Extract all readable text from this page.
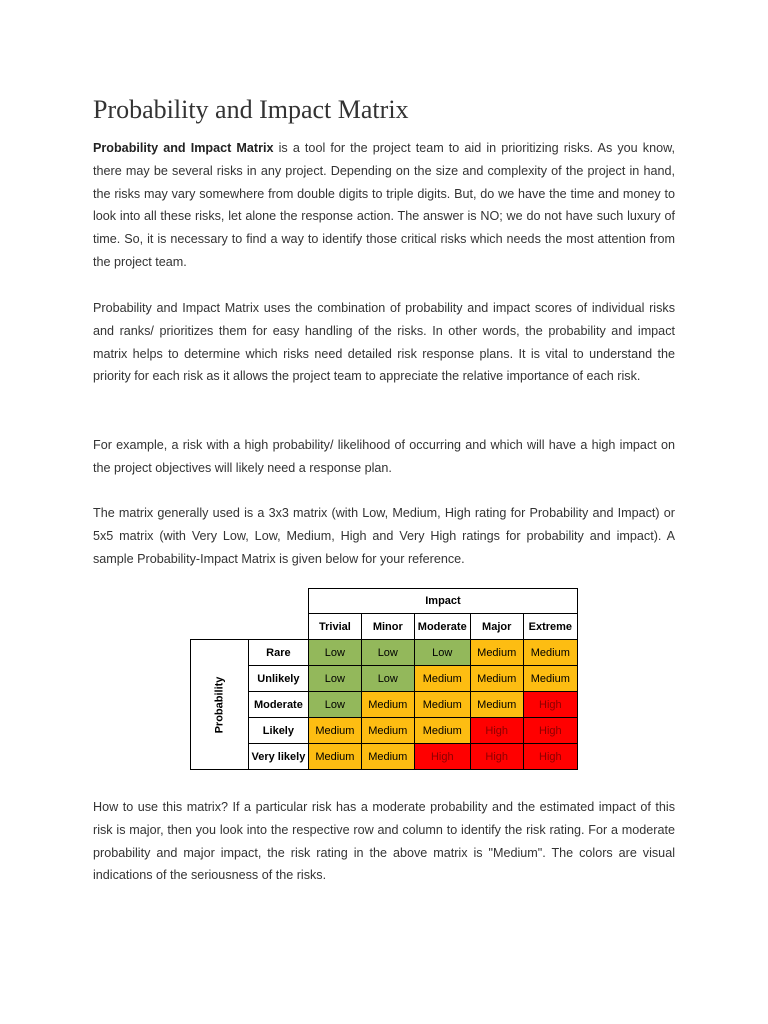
Probability and Impact Matrix

Probability and Impact Matrix is a tool for the project team to aid in prioritizing risks. As you know, there may be several risks in any project. Depending on the size and complexity of the project in hand, the risks may vary somewhere from double digits to triple digits. But, do we have the time and money to look into all these risks, let alone the response action. The answer is NO; we do not have such luxury of time. So, it is necessary to find a way to identify those critical risks which needs the most attention from the project team.

Probability and Impact Matrix uses the combination of probability and impact scores of individual risks and ranks/ prioritizes them for easy handling of the risks. In other words, the probability and impact matrix helps to determine which risks need detailed risk response plans. It is vital to understand the priority for each risk as it allows the project team to appreciate the relative importance of each risk.

For example, a risk with a high probability/ likelihood of occurring and which will have a high impact on the project objectives will likely need a response plan.

The matrix generally used is a 3x3 matrix (with Low, Medium, High rating for Probability and Impact) or 5x5 matrix (with Very Low, Low, Medium, High and Very High ratings for probability and impact). A sample Probability-Impact Matrix is given below for your reference.

How to use this matrix? If a particular risk has a moderate probability and the estimated impact of this risk is major, then you look into the respective row and column to identify the risk rating. For a moderate probability and major impact, the risk rating in the above matrix is "Medium". The colors are visual indications of the seriousness of the risks.

		Impact				
		Trivial	Minor	Moderate	Major	Extreme
Probability	Rare	Low	Low	Low	Medium	Medium
	Unlikely	Low	Low	Medium	Medium	Medium
	Moderate	Low	Medium	Medium	Medium	High
	Likely	Medium	Medium	Medium	High	High
	Very likely	Medium	Medium	High	High	High
